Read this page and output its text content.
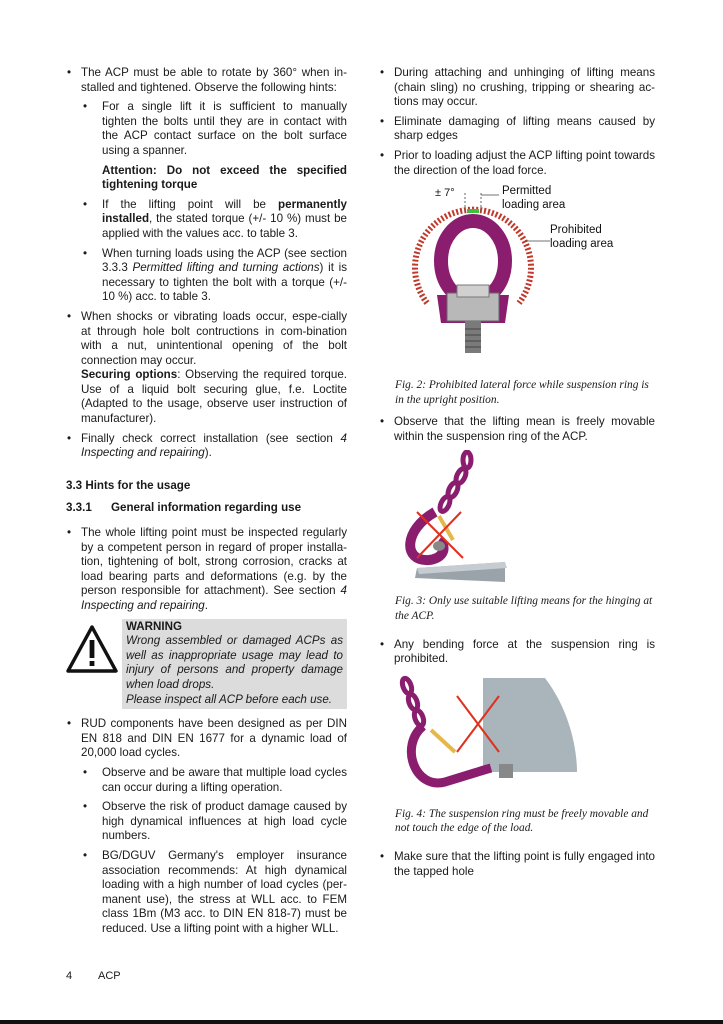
• The ACP must be able to rotate by 360° when in-stalled and tightened. Observe the following hints:
• For a single lift it is sufficient to manually tighten the bolts until they are in contact with the ACP contact surface on the bolt surface using a spanner.
Attention: Do not exceed the specified tightening torque
• If the lifting point will be permanently installed, the stated torque (+/- 10 %) must be applied with the values acc. to table 3.
• When turning loads using the ACP (see section 3.3.3 Permitted lifting and turning actions) it is necessary to tighten the bolt with a torque (+/- 10 %) acc. to table 3.
• When shocks or vibrating loads occur, espe-cially at through hole bolt contructions in com-bination with a nut, unintentional opening of the bolt connection may occur.
Securing options: Observing the required torque. Use of a liquid bolt securing glue, f.e. Loctite (Adapted to the usage, observe user instruction of manufacturer).
• Finally check correct installation (see section 4 Inspecting and repairing).
3.3 Hints for the usage
3.3.1 General information regarding use
• The whole lifting point must be inspected regularly by a competent person in regard of proper installa-tion, tightening of bolt, strong corrosion, cracks at load bearing parts and deformations (e.g. by the person responsible for attachment). See section 4 Inspecting and repairing.
WARNING
Wrong assembled or damaged ACPs as well as inappropriate usage may lead to injury of persons and property damage when load drops.
Please inspect all ACP before each use.
• RUD components have been designed as per DIN EN 818 and DIN EN 1677 for a dynamic load of 20,000 load cycles.
• Observe and be aware that multiple load cycles can occur during a lifting operation.
• Observe the risk of product damage caused by high dynamical influences at high load cycle numbers.
• BG/DGUV Germany's employer insurance association recommends: At high dynamical loading with a high number of load cycles (per-manent use), the stress at WLL acc. to FEM class 1Bm (M3 acc. to DIN EN 818-7) must be reduced. Use a lifting point with a higher WLL.
• During attaching and unhinging of lifting means (chain sling) no crushing, tripping or shearing ac-tions may occur.
• Eliminate damaging of lifting means caused by sharp edges
• Prior to loading adjust the ACP lifting point towards the direction of the load force.
± 7°	Permitted
loading area
Prohibited
loading area
Fig. 2: Prohibited lateral force while suspension ring is in the upright position.
• Observe that the lifting mean is freely movable within the suspension ring of the ACP.
Fig. 3: Only use suitable lifting means for the hinging at the ACP.
• Any bending force at the suspension ring is prohibited.
Fig. 4: The suspension ring must be freely movable and not touch the edge of the load.
• Make sure that the lifting point is fully engaged into the tapped hole
4 ACP
